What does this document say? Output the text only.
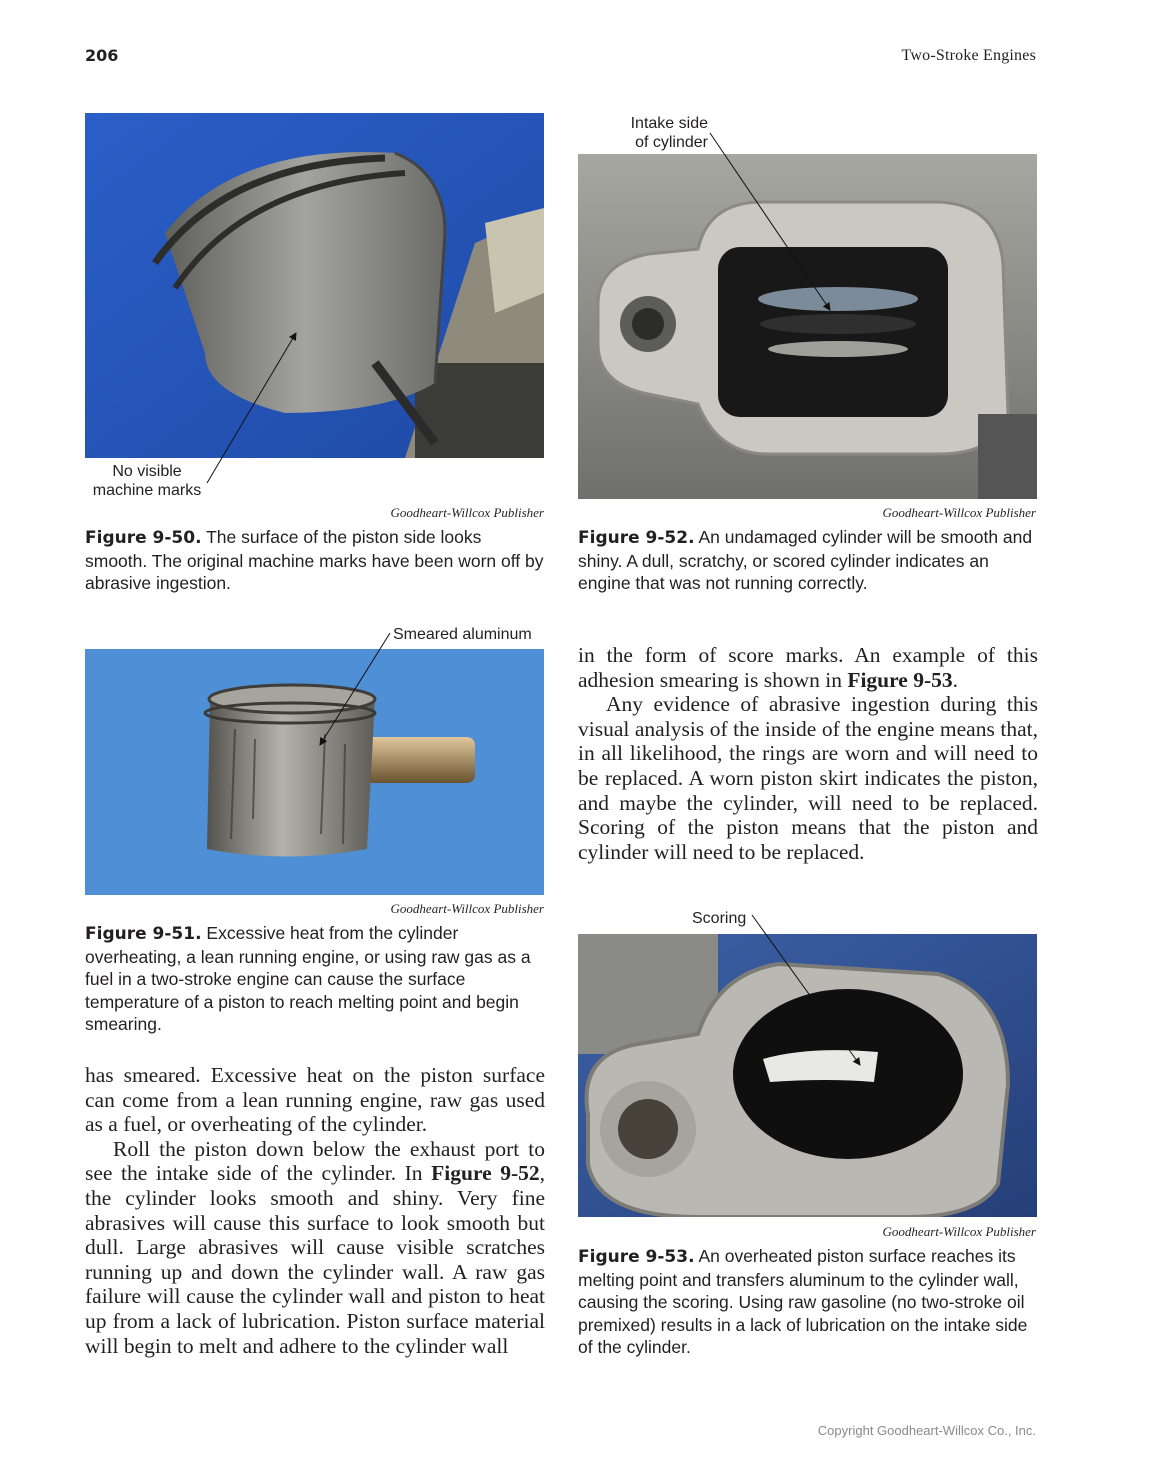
206	Two-Stroke Engines
No visible
machine marks
Goodheart-Willcox Publisher
Figure 9-50. The surface of the piston side looks smooth. The original machine marks have been worn off by abrasive ingestion.
Smeared aluminum
Goodheart-Willcox Publisher
Figure 9-51. Excessive heat from the cylinder overheating, a lean running engine, or using raw gas as a fuel in a two-stroke engine can cause the surface temperature of a piston to reach melting point and begin smearing.

has smeared. Excessive heat on the piston surface can come from a lean running engine, raw gas used as a fuel, or overheating of the cylinder.

Roll the piston down below the exhaust port to see the intake side of the cylinder. In Figure 9-52, the cylinder looks smooth and shiny. Very fine abrasives will cause this surface to look smooth but dull. Large abrasives will cause visible scratches running up and down the cylinder wall. A raw gas failure will cause the cylinder wall and piston to heat up from a lack of lubrication. Piston surface material will begin to melt and adhere to the cylinder wall

Intake side
of cylinder
Goodheart-Willcox Publisher
Figure 9-52. An undamaged cylinder will be smooth and shiny. A dull, scratchy, or scored cylinder indicates an engine that was not running correctly.

in the form of score marks. An example of this adhesion smearing is shown in Figure 9-53.

Any evidence of abrasive ingestion during this visual analysis of the inside of the engine means that, in all likelihood, the rings are worn and will need to be replaced. A worn piston skirt indicates the piston, and maybe the cylinder, will need to be replaced. Scoring of the piston means that the piston and cylinder will need to be replaced.

Scoring
Goodheart-Willcox Publisher
Figure 9-53. An overheated piston surface reaches its melting point and transfers aluminum to the cylinder wall, causing the scoring. Using raw gasoline (no two-stroke oil premixed) results in a lack of lubrication on the intake side of the cylinder.
Copyright Goodheart-Willcox Co., Inc.
